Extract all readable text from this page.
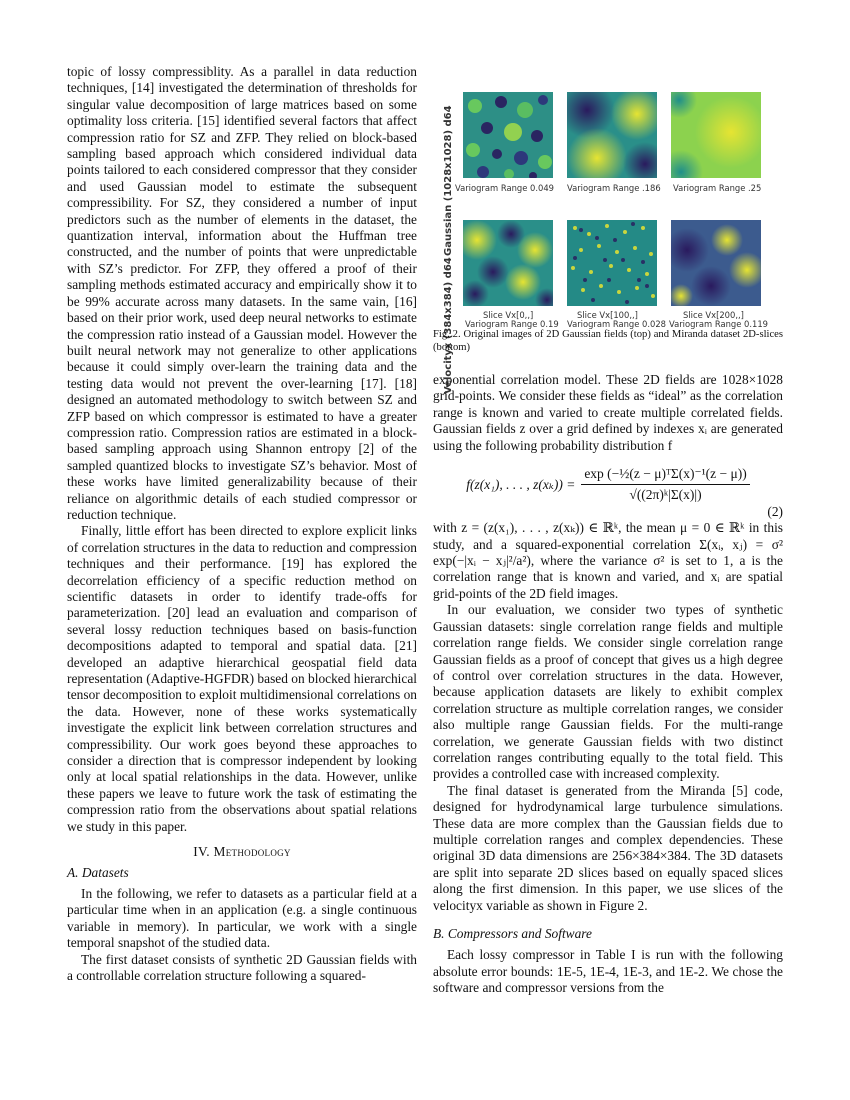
topic of lossy compressiblity. As a parallel in data reduction techniques, [14] investigated the determination of thresholds for singular value decomposition of large matrices based on some optimality loss criteria. [15] identified several factors that affect compression ratio for SZ and ZFP. They relied on block-based sampling based approach which considered individual data points tailored to each considered compressor that they consider and used Gaussian model to estimate the subsequent compressibility. For SZ, they considered a number of input predictors such as the number of elements in the dataset, the quantization interval, information about the Huffman tree constructed, and the number of points that were unpredictable with SZ’s predictor. For ZFP, they offered a proof of their sampling methods estimated accuracy and empirically show it to be 99% accurate across many datasets. In the same vain, [16] based on their prior work, used deep neural networks to estimate the compression ratio instead of a Gaussian model. However the built neural network may not generalize to other applications because it could simply over-learn the training data and the testing data would not prevent the over-learning [17]. [18] designed an automated methodology to switch between SZ and ZFP based on which compressor is estimated to have a greater compression ratio. Compression ratios are estimated in a block-based sampling approach using Shannon entropy [2] of the sampled quantized blocks to investigate SZ’s behavior. Most of these works have limited generalizability because of their reliance on algorithmic details of each studied compressor or reduction technique.

Finally, little effort has been directed to explore explicit links of correlation structures in the data to reduction and compression techniques and their performance. [19] has explored the decorrelation efficiency of a specific reduction method on scientific datasets in order to identify trade-offs for parameterization. [20] lead an evaluation and comparison of several lossy reduction techniques based on basis-function decompositions adapted to temporal and spatial data. [21] developed an adaptive hierarchical geospatial field data representation (Adaptive-HGFDR) based on blocked hierarchical tensor decomposition to exploit multidimensional correlations on the data. However, none of these works systematically investigate the explicit link between correlation structures and compressibility. Our work goes beyond these approaches to consider a direction that is compressor independent by looking only at local spatial relationships in the data. However, unlike these papers we leave to future work the task of estimating the compression ratio from the observations about spatial relations we study in this paper.

IV. Methodology
A. Datasets

In the following, we refer to datasets as a particular field at a particular time when in an application (e.g. a single continuous variable in memory). In particular, we work with a single temporal snapshot of the studied data.

The first dataset consists of synthetic 2D Gaussian fields with a controllable correlation structure following a squared-

Gaussian (1028x1028) d64
Velocityx (384x384) d64
Variogram Range 0.049 Variogram Range .186 Variogram Range .25
Slice Vx[0,,]
Variogram Range 0.19
Slice Vx[100,,]
Variogram Range 0.028
Slice Vx[200,,]
Variogram Range 0.119
Fig. 2. Original images of 2D Gaussian fields (top) and Miranda dataset 2D-slices (bottom)

exponential correlation model. These 2D fields are 1028×1028 grid-points. We consider these fields as “ideal” as the correlation range is known and varied to create multiple correlated fields. Gaussian fields z over a grid defined by indexes xᵢ are generated using the following probability distribution f

f(z(x₁), . . . , $z(x_k)) = \frac{\text{exp (−½(z − μ)ᵀΣ(x)⁻¹(z − μ))}}{\text{√((2π)ᵏ|Σ(x)|)}}$
(2)

with z = (z(x₁), . . . , z(xₖ)) ∈ ℝᵏ, the mean μ = 0 ∈ ℝᵏ in this study, and a squared-exponential correlation Σ(xᵢ, xⱼ) = σ² exp(−|xᵢ − xⱼ|²/a²), where the variance σ² is set to 1, a is the correlation range that is known and varied, and xᵢ are spatial grid-points of the 2D field images.

In our evaluation, we consider two types of synthetic Gaussian datasets: single correlation range fields and multiple correlation range fields. We consider single correlation range Gaussian fields as a proof of concept that gives us a high degree of control over correlation structures in the data. However, because application datasets are likely to exhibit complex correlation structure as multiple correlation ranges, we consider also multiple range Gaussian fields. For the multi-range correlation, we generate Gaussian fields with two distinct correlation ranges contributing equally to the total field. This provides a controlled case with increased complexity.

The final dataset is generated from the Miranda [5] code, designed for hydrodynamical large turbulence simulations. These data are more complex than the Gaussian fields due to multiple correlation ranges and complex dependencies. These original 3D data dimensions are 256×384×384. The 3D datasets are split into separate 2D slices based on equally spaced slices along the first dimension. In this paper, we use slices of the velocityx variable as shown in Figure 2.

B. Compressors and Software

Each lossy compressor in Table I is run with the following absolute error bounds: 1E-5, 1E-4, 1E-3, and 1E-2. We chose the software and compressor versions from the
